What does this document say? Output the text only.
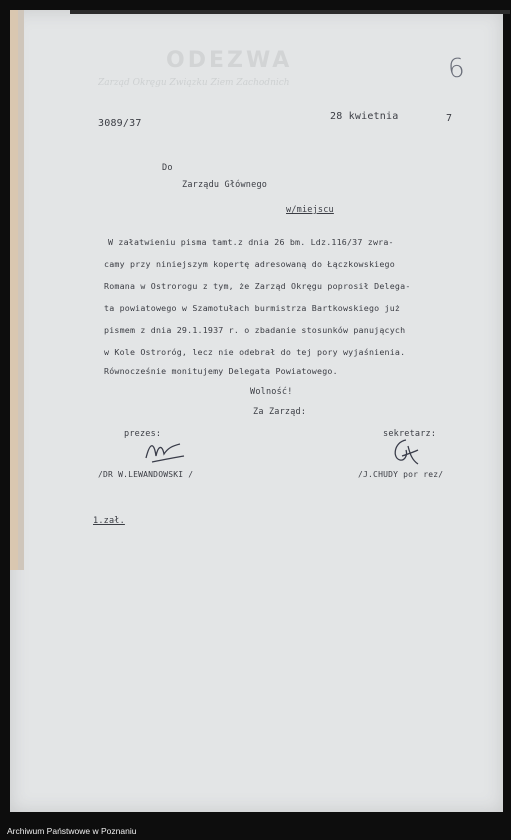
ODEZWA
Zarząd Okręgu Związku Ziem Zachodnich	6
3089/37
28 kwietnia	7
Do
Zarządu Głównego
w/miejscu
W załatwieniu pisma tamt.z dnia 26 bm. Ldz.116/37 zwra-
camy przy niniejszym kopertę adresowaną do Łączkowskiego
Romana w Ostrorogu z tym, że Zarząd Okręgu poprosił Delega-
ta powiatowego w Szamotułach burmistrza Bartkowskiego już
pismem z dnia 29.1.1937 r. o zbadanie stosunków panujących
w Kole Ostroróg, lecz nie odebrał do tej pory wyjaśnienia.
Równocześnie monitujemy Delegata Powiatowego.
Wolność!
Za Zarząd:
prezes:	sekretarz:
/DR W.LEWANDOWSKI /	/J.CHUDY por rez/
1.zał.
Archiwum Państwowe w Poznaniu
